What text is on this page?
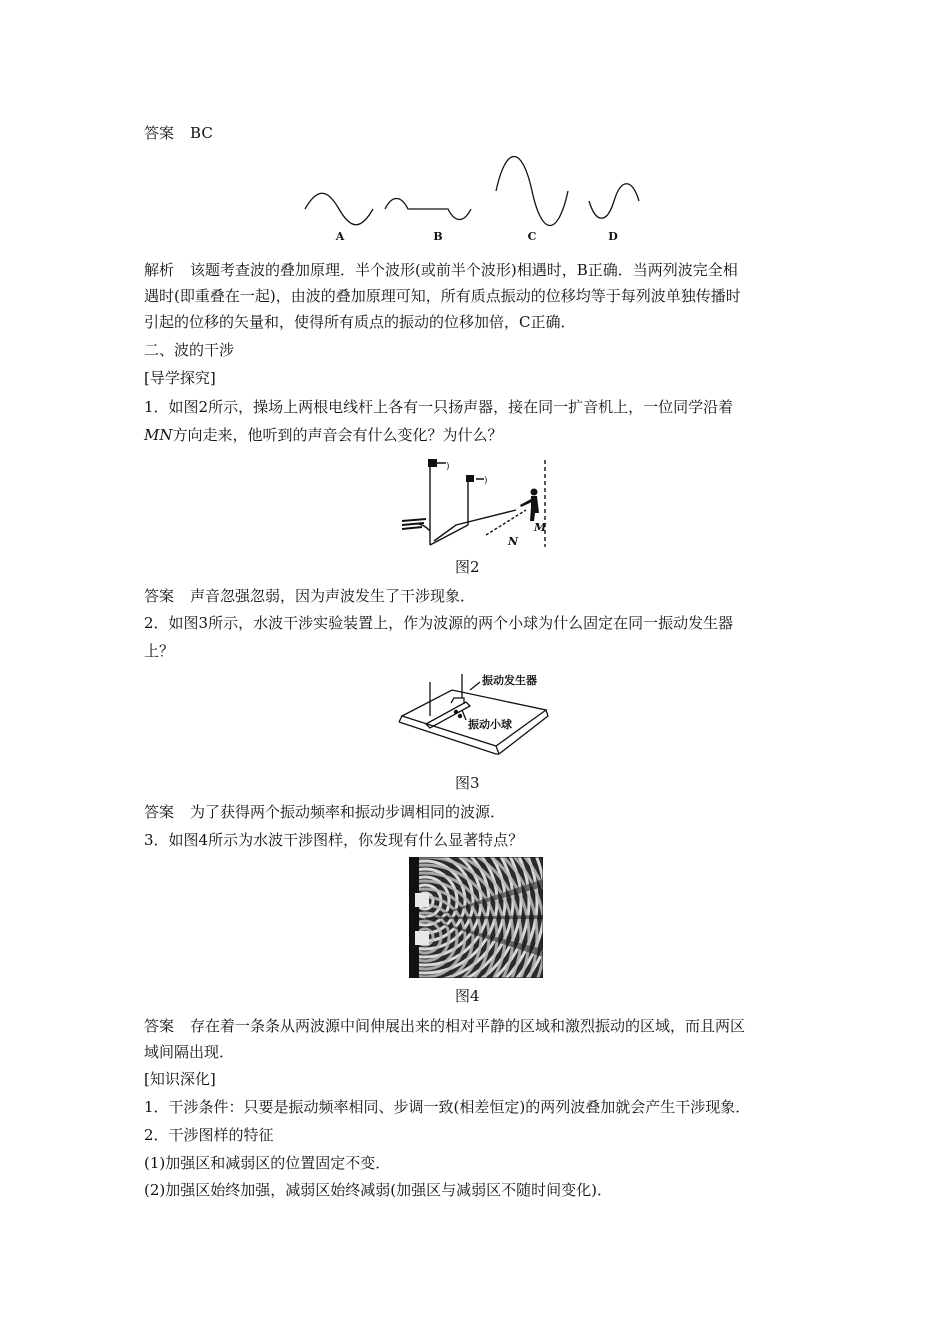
答案 BC
A	B	C	D
解析 该题考查波的叠加原理．半个波形(或前半个波形)相遇时，B正确．当两列波完全相
遇时(即重叠在一起)，由波的叠加原理可知，所有质点振动的位移均等于每列波单独传播时
引起的位移的矢量和，使得所有质点的振动的位移加倍，C正确．
二、波的干涉
[导学探究]
1．如图2所示，操场上两根电线杆上各有一只扬声器，接在同一扩音机上，一位同学沿着
MN方向走来，他听到的声音会有什么变化？为什么？
)
)
N
M
图2
答案 声音忽强忽弱，因为声波发生了干涉现象．
2．如图3所示，水波干涉实验装置上，作为波源的两个小球为什么固定在同一振动发生器
上？
振动发生器
振动小球
图3
答案 为了获得两个振动频率和振动步调相同的波源．
3．如图4所示为水波干涉图样，你发现有什么显著特点？
图4
答案 存在着一条条从两波源中间伸展出来的相对平静的区域和激烈振动的区域，而且两区
域间隔出现．
[知识深化]
1．干涉条件：只要是振动频率相同、步调一致(相差恒定)的两列波叠加就会产生干涉现象．
2．干涉图样的特征
(1)加强区和减弱区的位置固定不变．
(2)加强区始终加强，减弱区始终减弱(加强区与减弱区不随时间变化)．
